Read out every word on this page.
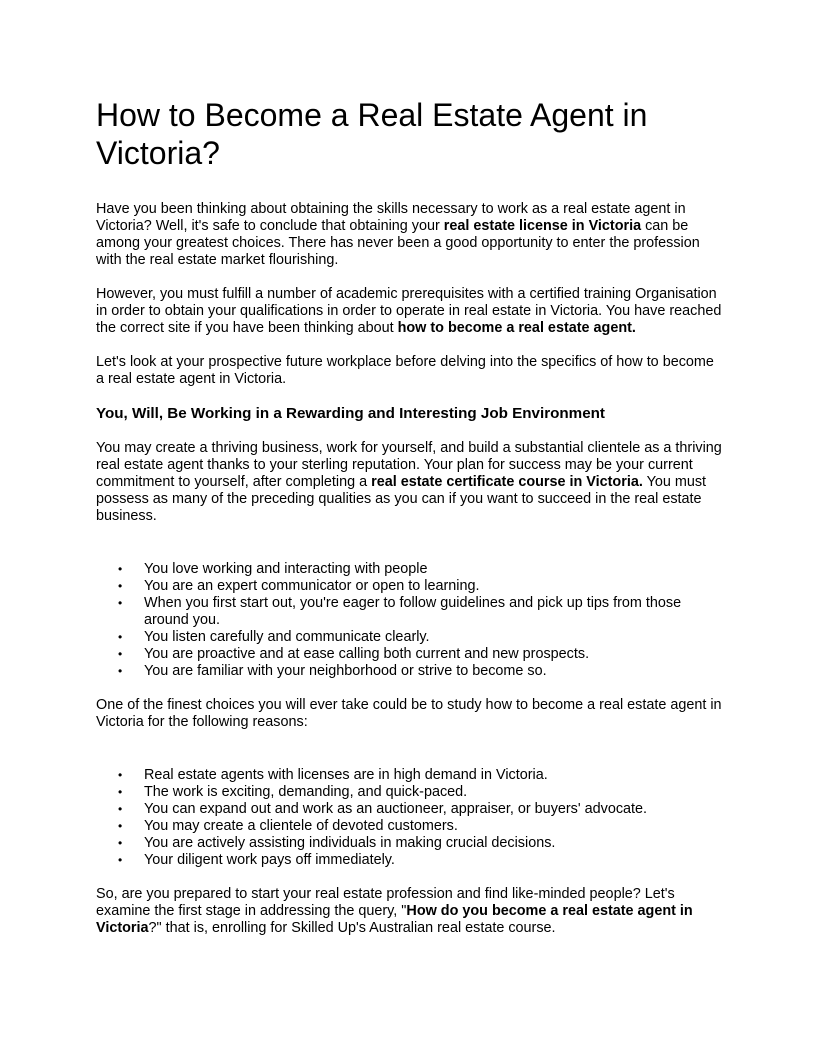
How to Become a Real Estate Agent in Victoria?

Have you been thinking about obtaining the skills necessary to work as a real estate agent in Victoria? Well, it's safe to conclude that obtaining your real estate license in Victoria can be among your greatest choices. There has never been a good opportunity to enter the profession with the real estate market flourishing.

However, you must fulfill a number of academic prerequisites with a certified training Organisation in order to obtain your qualifications in order to operate in real estate in Victoria. You have reached the correct site if you have been thinking about how to become a real estate agent.

Let's look at your prospective future workplace before delving into the specifics of how to become a real estate agent in Victoria.

You, Will, Be Working in a Rewarding and Interesting Job Environment

You may create a thriving business, work for yourself, and build a substantial clientele as a thriving real estate agent thanks to your sterling reputation. Your plan for success may be your current commitment to yourself, after completing a real estate certificate course in Victoria. You must possess as many of the preceding qualities as you can if you want to succeed in the real estate business.

• You love working and interacting with people
• You are an expert communicator or open to learning.
• When you first start out, you're eager to follow guidelines and pick up tips from those around you.
• You listen carefully and communicate clearly.
• You are proactive and at ease calling both current and new prospects.
• You are familiar with your neighborhood or strive to become so.

One of the finest choices you will ever take could be to study how to become a real estate agent in Victoria for the following reasons:

• Real estate agents with licenses are in high demand in Victoria.
• The work is exciting, demanding, and quick-paced.
• You can expand out and work as an auctioneer, appraiser, or buyers' advocate.
• You may create a clientele of devoted customers.
• You are actively assisting individuals in making crucial decisions.
• Your diligent work pays off immediately.

So, are you prepared to start your real estate profession and find like-minded people? Let's examine the first stage in addressing the query, "How do you become a real estate agent in Victoria?" that is, enrolling for Skilled Up's Australian real estate course.
